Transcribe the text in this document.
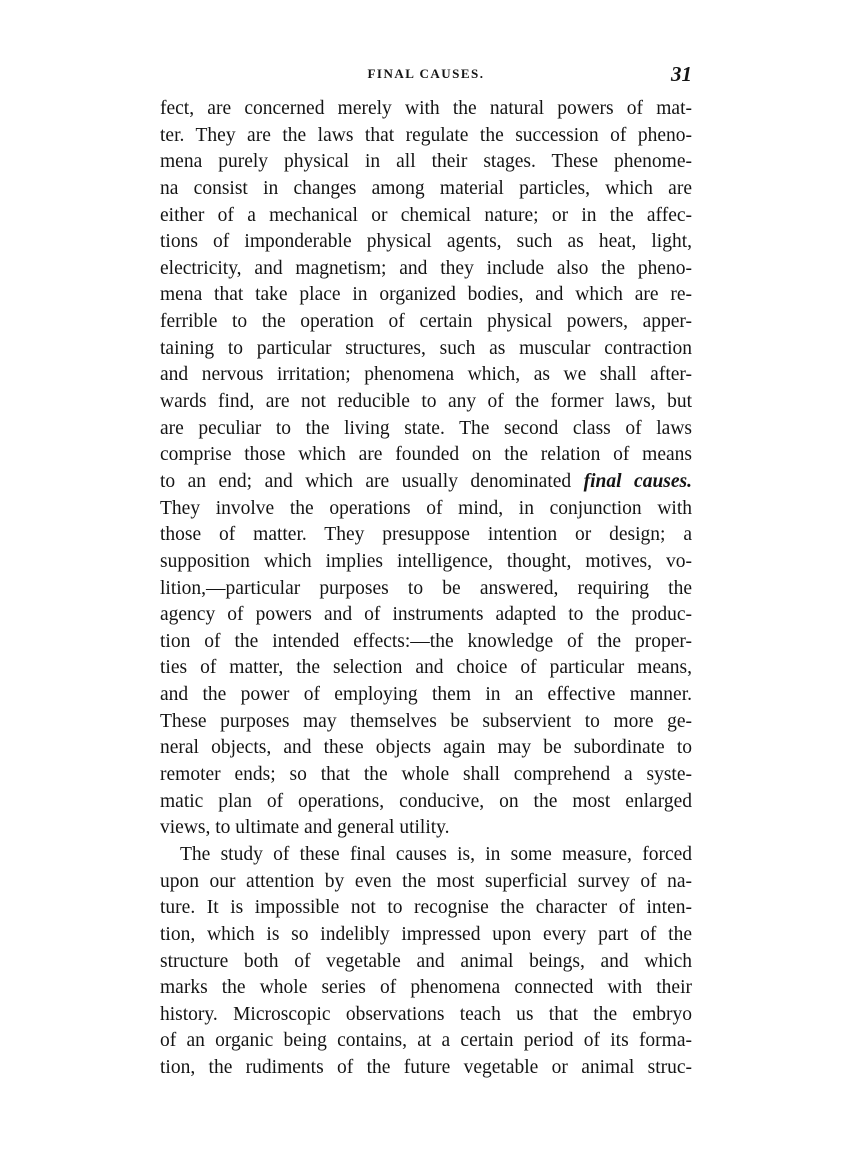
FINAL CAUSES.	31
fect, are concerned merely with the natural powers of mat-
ter. They are the laws that regulate the succession of pheno-
mena purely physical in all their stages. These phenome-
na consist in changes among material particles, which are
either of a mechanical or chemical nature; or in the affec-
tions of imponderable physical agents, such as heat, light,
electricity, and magnetism; and they include also the pheno-
mena that take place in organized bodies, and which are re-
ferrible to the operation of certain physical powers, apper-
taining to particular structures, such as muscular contraction
and nervous irritation; phenomena which, as we shall after-
wards find, are not reducible to any of the former laws, but
are peculiar to the living state. The second class of laws
comprise those which are founded on the relation of means
to an end; and which are usually denominated final causes.
They involve the operations of mind, in conjunction with
those of matter. They presuppose intention or design; a
supposition which implies intelligence, thought, motives, vo-
lition,—particular purposes to be answered, requiring the
agency of powers and of instruments adapted to the produc-
tion of the intended effects:—the knowledge of the proper-
ties of matter, the selection and choice of particular means,
and the power of employing them in an effective manner.
These purposes may themselves be subservient to more ge-
neral objects, and these objects again may be subordinate to
remoter ends; so that the whole shall comprehend a syste-
matic plan of operations, conducive, on the most enlarged
views, to ultimate and general utility.
The study of these final causes is, in some measure, forced
upon our attention by even the most superficial survey of na-
ture. It is impossible not to recognise the character of inten-
tion, which is so indelibly impressed upon every part of the
structure both of vegetable and animal beings, and which
marks the whole series of phenomena connected with their
history. Microscopic observations teach us that the embryo
of an organic being contains, at a certain period of its forma-
tion, the rudiments of the future vegetable or animal struc-
